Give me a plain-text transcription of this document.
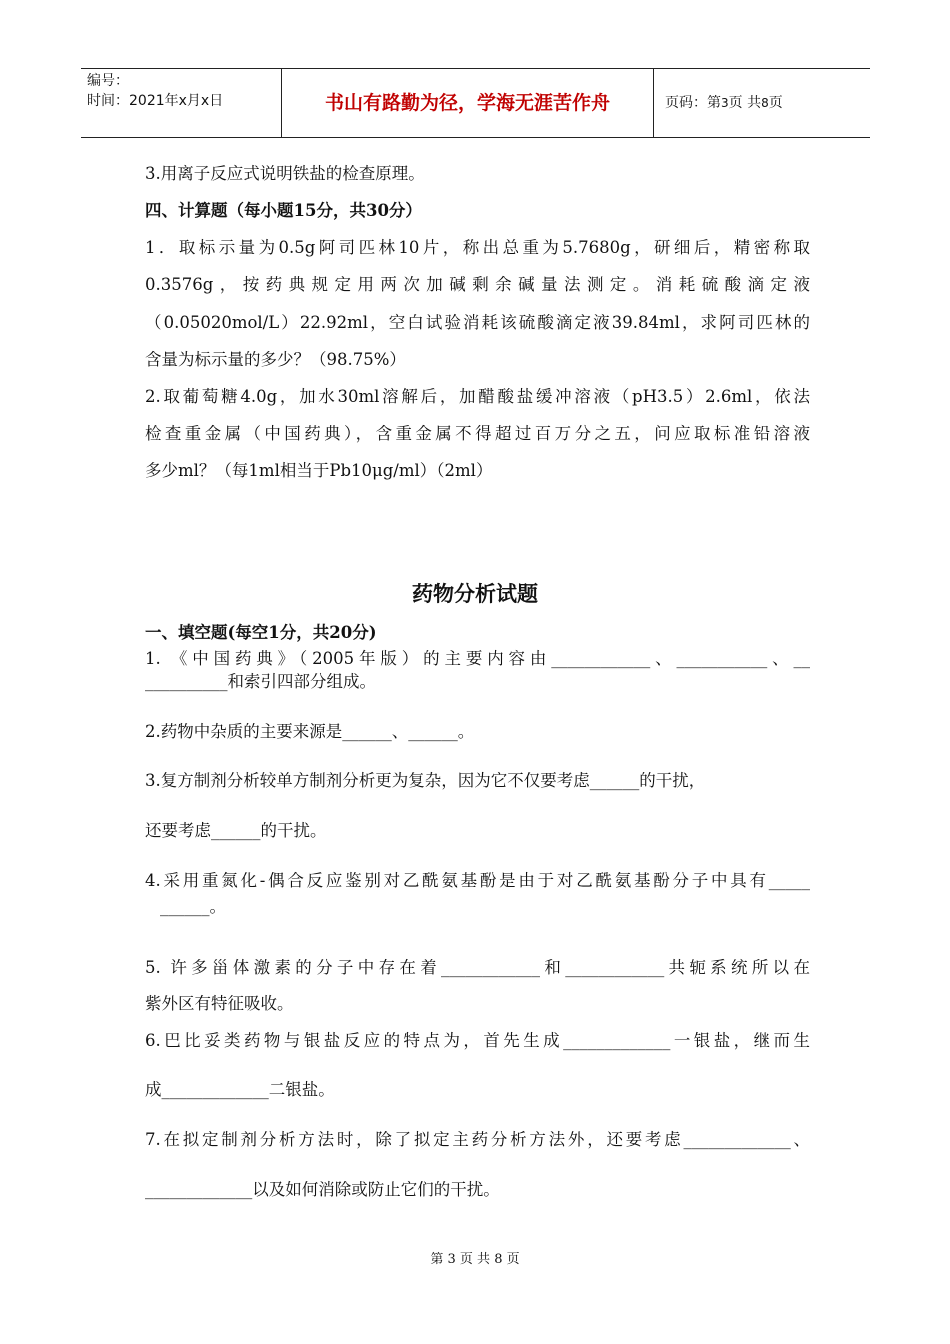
编号：
时间：2021年x月x日	书山有路勤为径，学海无涯苦作舟	页码：第3页 共8页
3.用离子反应式说明铁盐的检查原理。
四、计算题（每小题15分，共30分）
1．取标示量为0.5g阿司匹林10片，称出总重为5.7680g，研细后，精密称取
0.3576g，按药典规定用两次加碱剩余碱量法测定。消耗硫酸滴定液
（0.05020mol/L）22.92ml，空白试验消耗该硫酸滴定液39.84ml，求阿司匹林的
含量为标示量的多少？（98.75%）
2.取葡萄糖4.0g，加水30ml溶解后，加醋酸盐缓冲溶液（pH3.5）2.6ml，依法
检查重金属（中国药典），含重金属不得超过百万分之五，问应取标准铅溶液
多少ml？（每1ml相当于Pb10μg/ml）（2ml）
药物分析试题
一、填空题(每空1分，共20分)
1. 《中国药典》（2005年版）的主要内容由____________、___________、__
__________和索引四部分组成。
2.药物中杂质的主要来源是______、______。
3.复方制剂分析较单方制剂分析更为复杂，因为它不仅要考虑______的干扰，
还要考虑______的干扰。
4.采用重氮化-偶合反应鉴别对乙酰氨基酚是由于对乙酰氨基酚分子中具有_____
______。
5. 许多甾体激素的分子中存在着____________和____________共轭系统所以在
紫外区有特征吸收。
6.巴比妥类药物与银盐反应的特点为，首先生成_____________一银盐，继而生
成_____________二银盐。
7.在拟定制剂分析方法时，除了拟定主药分析方法外，还要考虑_____________、
_____________以及如何消除或防止它们的干扰。
第 3 页 共 8 页
